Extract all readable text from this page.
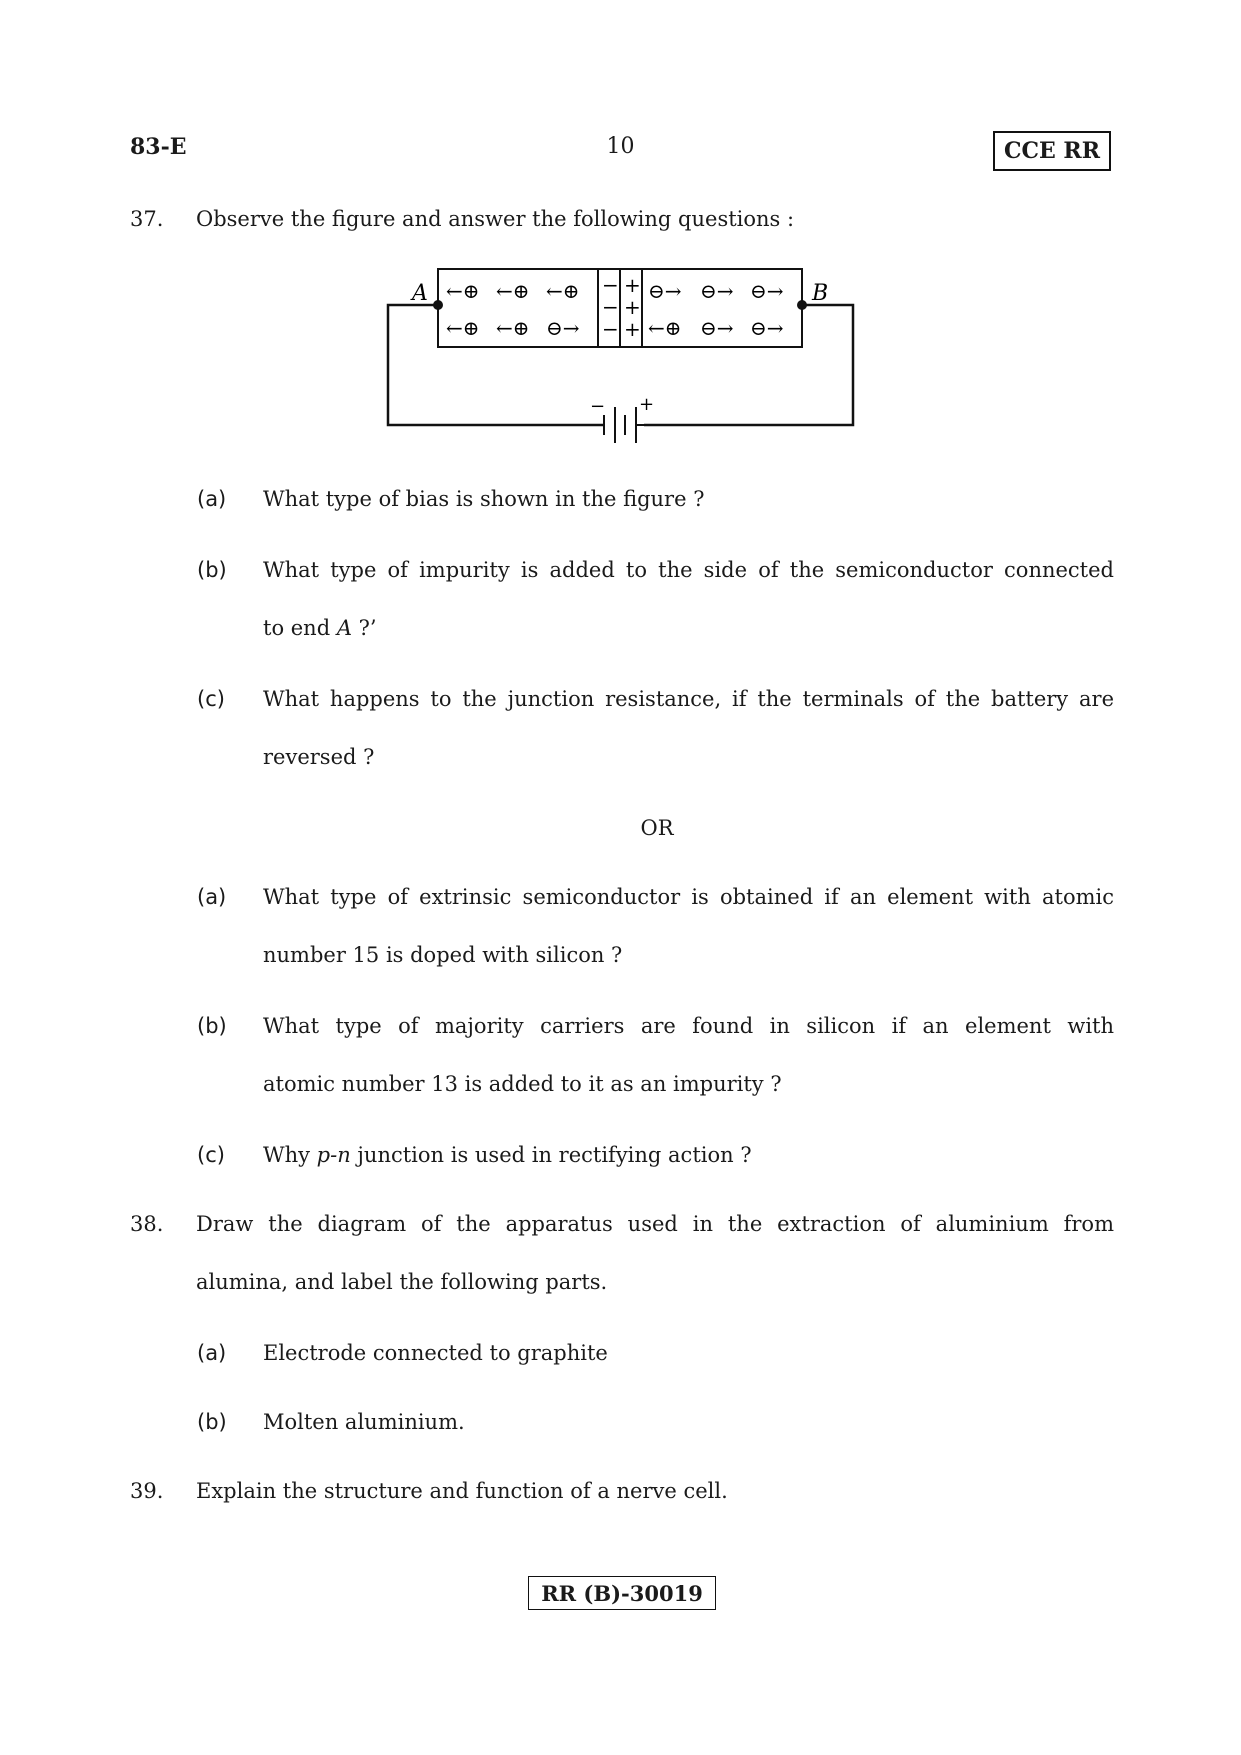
83-E	10	CCE RR
37. Observe the figure and answer the following questions :
− +
A	B
←⊕ ←⊕ ←⊕
←⊕ ←⊕ ⊖→
−
−
−
+
+
+
⊖→ ⊖→ ⊖→
←⊕ ⊖→ ⊖→
(a) What type of bias is shown in the figure ?
(b) What type of impurity is added to the side of the semiconductor connected
to end A ?’
(c) What happens to the junction resistance, if the terminals of the battery are
reversed ?
OR
(a) What type of extrinsic semiconductor is obtained if an element with atomic
number 15 is doped with silicon ?
(b) What type of majority carriers are found in silicon if an element with
atomic number 13 is added to it as an impurity ?
(c) Why p-n junction is used in rectifying action ?
38. Draw the diagram of the apparatus used in the extraction of aluminium from
alumina, and label the following parts.
(a) Electrode connected to graphite
(b) Molten aluminium.
39. Explain the structure and function of a nerve cell.
RR (B)-30019
